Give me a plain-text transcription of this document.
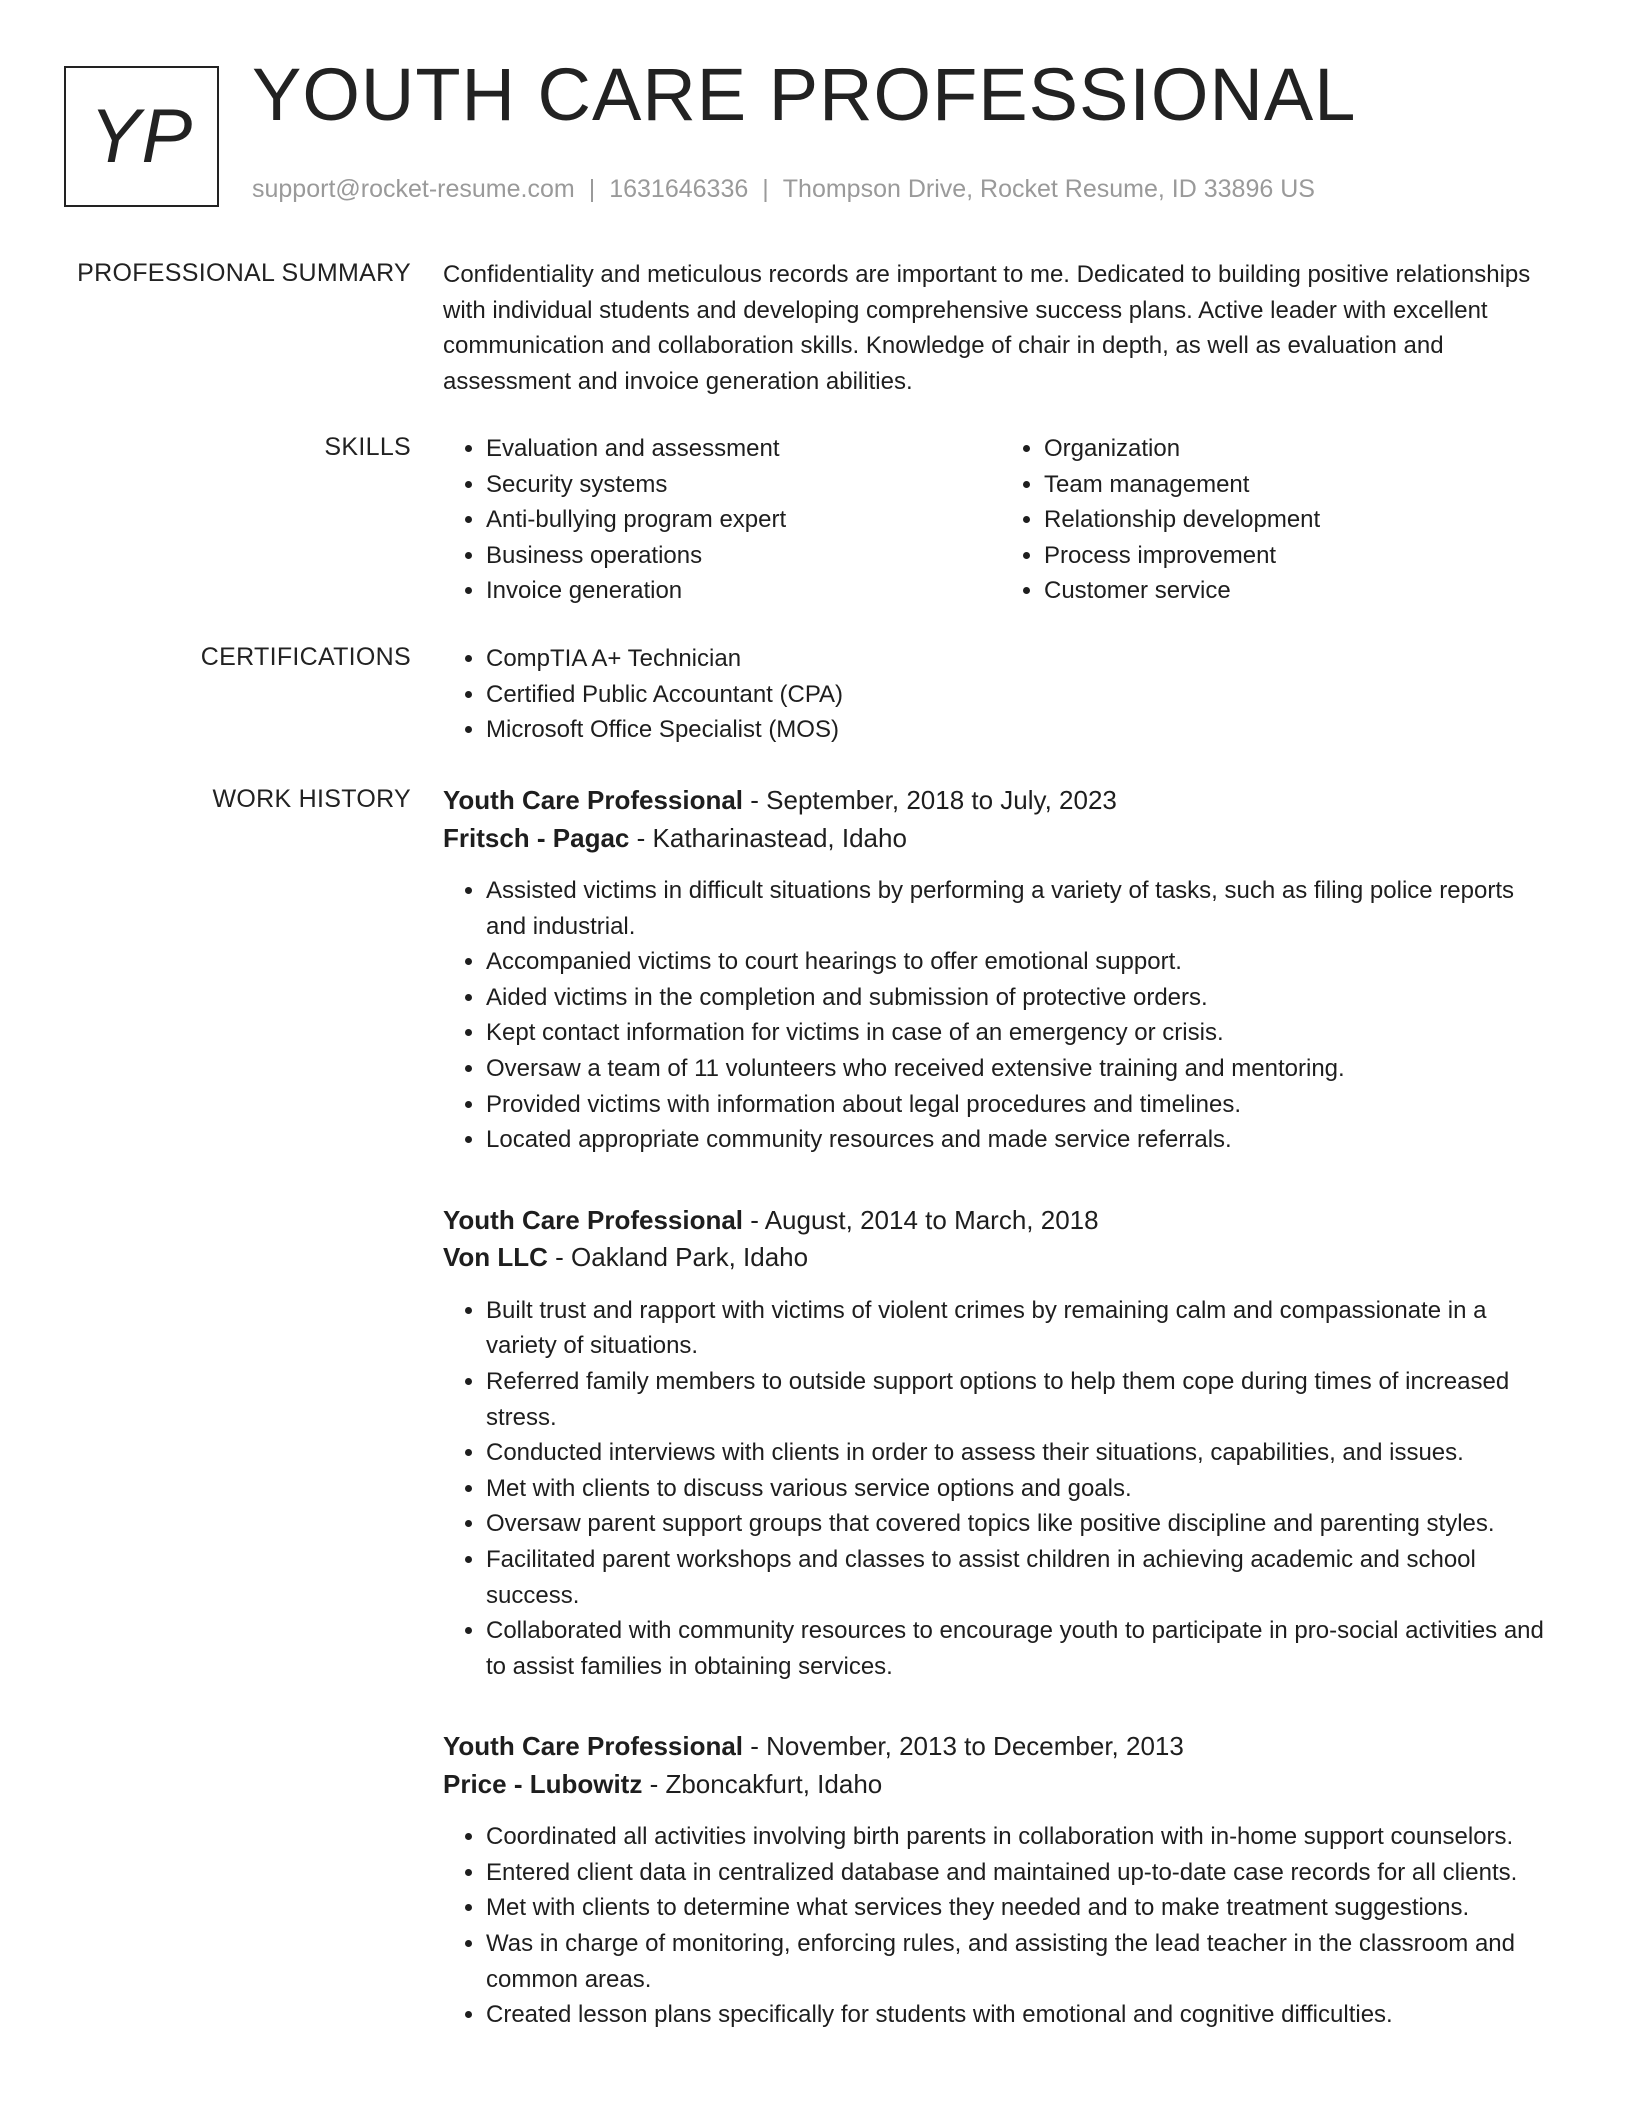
YP YOUTH CARE PROFESSIONAL
support@rocket-resume.com | 1631646336 | Thompson Drive, Rocket Resume, ID 33896 US
PROFESSIONAL SUMMARY Confidentiality and meticulous records are important to me. Dedicated to building positive relationships with individual students and developing comprehensive success plans. Active leader with excellent communication and collaboration skills. Knowledge of chair in depth, as well as evaluation and assessment and invoice generation abilities.
SKILLS	• Evaluation and assessment
• Security systems
• Anti-bullying program expert
• Business operations
• Invoice generation
• Organization
• Team management
• Relationship development
• Process improvement
• Customer service
CERTIFICATIONS	• CompTIA A+ Technician
• Certified Public Accountant (CPA)
• Microsoft Office Specialist (MOS)
WORK HISTORY Youth Care Professional - September, 2018 to July, 2023
Fritsch - Pagac - Katharinastead, Idaho
• Assisted victims in difficult situations by performing a variety of tasks, such as filing police reports and industrial.
• Accompanied victims to court hearings to offer emotional support.
• Aided victims in the completion and submission of protective orders.
• Kept contact information for victims in case of an emergency or crisis.
• Oversaw a team of 11 volunteers who received extensive training and mentoring.
• Provided victims with information about legal procedures and timelines.
• Located appropriate community resources and made service referrals.
Youth Care Professional - August, 2014 to March, 2018
Von LLC - Oakland Park, Idaho
• Built trust and rapport with victims of violent crimes by remaining calm and compassionate in a variety of situations.
• Referred family members to outside support options to help them cope during times of increased stress.
• Conducted interviews with clients in order to assess their situations, capabilities, and issues.
• Met with clients to discuss various service options and goals.
• Oversaw parent support groups that covered topics like positive discipline and parenting styles.
• Facilitated parent workshops and classes to assist children in achieving academic and school success.
• Collaborated with community resources to encourage youth to participate in pro-social activities and to assist families in obtaining services.
Youth Care Professional - November, 2013 to December, 2013
Price - Lubowitz - Zboncakfurt, Idaho
• Coordinated all activities involving birth parents in collaboration with in-home support counselors.
• Entered client data in centralized database and maintained up-to-date case records for all clients.
• Met with clients to determine what services they needed and to make treatment suggestions.
• Was in charge of monitoring, enforcing rules, and assisting the lead teacher in the classroom and common areas.
• Created lesson plans specifically for students with emotional and cognitive difficulties.
